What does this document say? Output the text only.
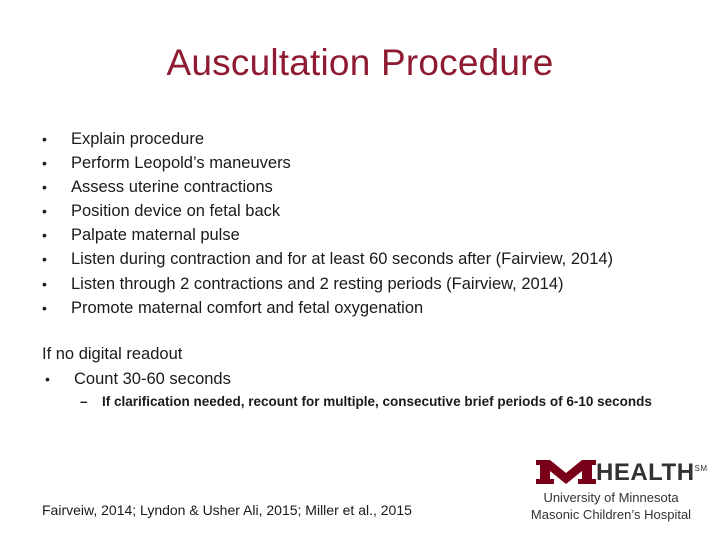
Auscultation Procedure
•	Explain procedure
•	Perform Leopold’s maneuvers
•	Assess uterine contractions
•	Position device on fetal back
•	Palpate maternal pulse
•	Listen during contraction and for at least 60 seconds after (Fairview, 2014)
•	Listen through 2 contractions and 2 resting periods (Fairview, 2014)
•	Promote maternal comfort and fetal oxygenation
If no digital readout
•	Count 30-60 seconds
–	If clarification needed, recount for multiple, consecutive brief periods of 6-10 seconds
Fairveiw, 2014; Lyndon & Usher Ali, 2015; Miller et al., 2015
HEALTH℠
University of Minnesota
Masonic Children’s Hospital
